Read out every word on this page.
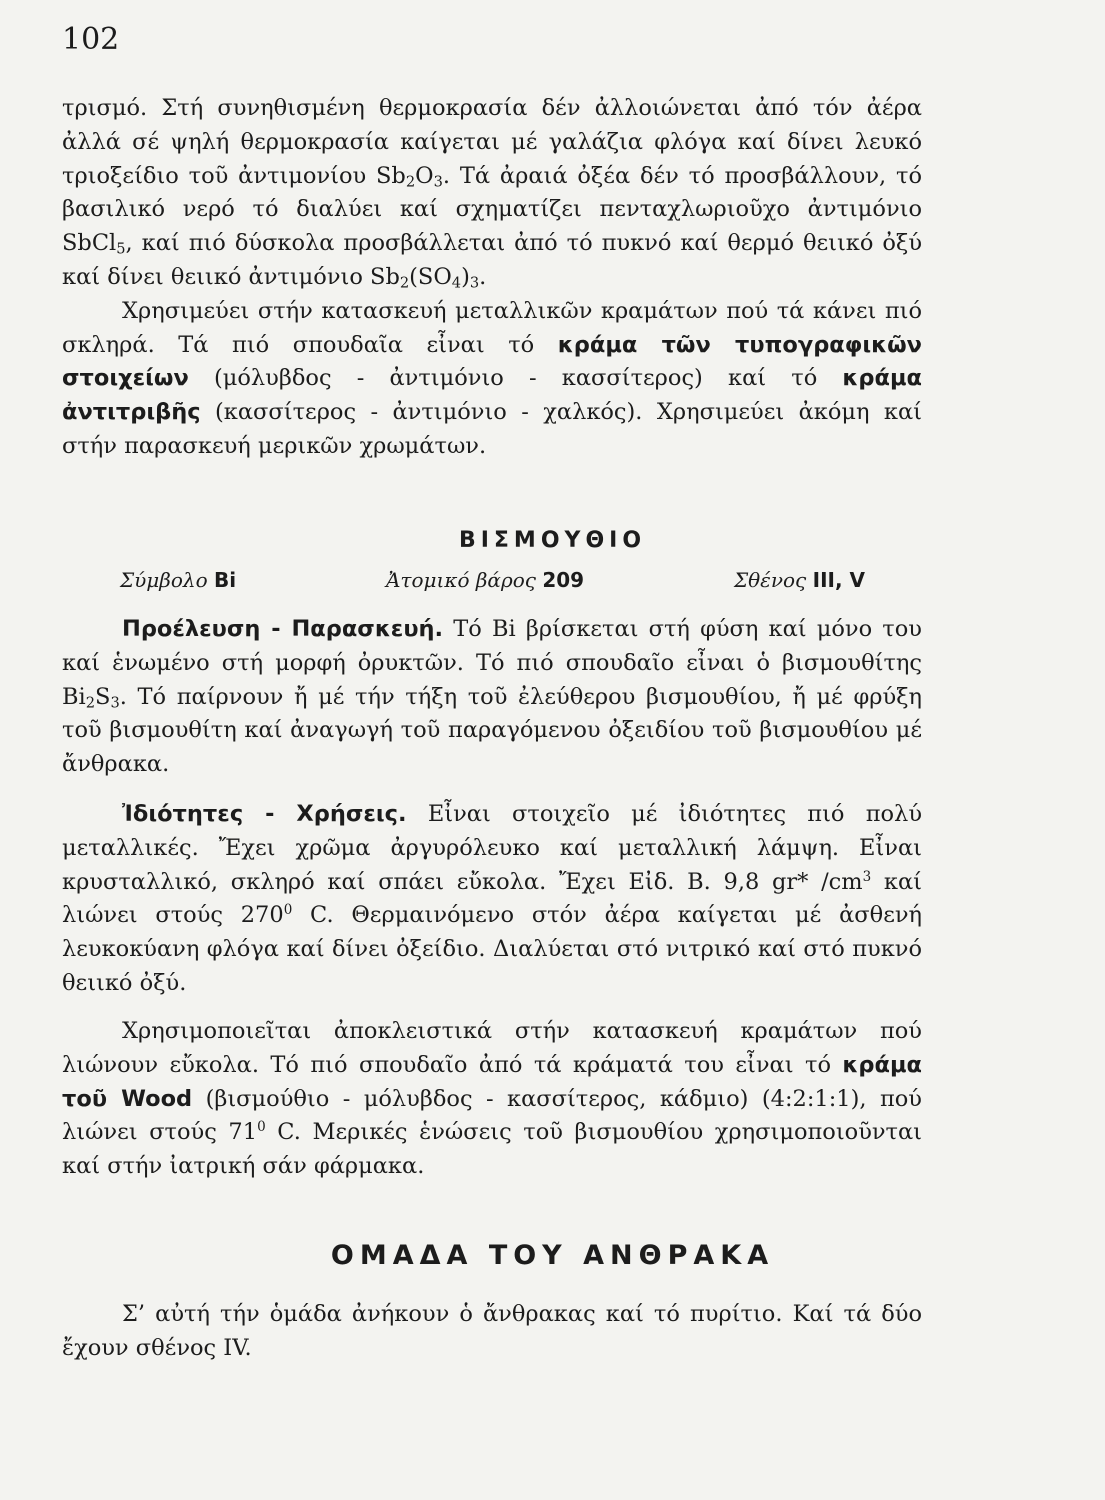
102

τρισμό. Στή συνηθισμένη θερμοκρασία δέν ἀλλοιώνεται ἀπό τόν ἀέρα ἀλλά σέ ψηλή θερμοκρασία καίγεται μέ γαλάζια φλόγα καί δίνει λευκό τριοξείδιο τοῦ ἀντιμονίου $Sb_2O_3$. Τά ἀραιά ὀξέα δέν τό προσβάλλουν, τό βασιλικό νερό τό διαλύει καί σχηματίζει πενταχλωριοῦχο ἀντιμόνιο SbCl$_5$, καί πιό δύσκολα προσβάλλεται ἀπό τό πυκνό καί θερμό θειικό ὀξύ καί δίνει θειικό ἀντιμόνιο $Sb_2(SO_4)_3$.

Χρησιμεύει στήν κατασκευή μεταλλικῶν κραμάτων πού τά κάνει πιό σκληρά. Τά πιό σπουδαῖα εἶναι τό κράμα τῶν τυπογραφικῶν στοιχείων (μόλυβδος - ἀντιμόνιο - κασσίτερος) καί τό κράμα ἀντιτριβῆς (κασσίτερος - ἀντιμόνιο - χαλκός). Χρησιμεύει ἀκόμη καί στήν παρασκευή μερικῶν χρωμάτων.

ΒΙΣΜΟΥΘΙΟ
Σύμβολο Bi	Ἀτομικό βάρος 209	Σθένος III, V
Προέλευση - Παρασκευή. Τό Bi βρίσκεται στή φύση καί μόνο του καί ἑνωμένο στή μορφή ὀρυκτῶν. Τό πιό σπουδαῖο εἶναι ὁ βισμουθίτης $Bi_2S_3$. Τό παίρνουν ἤ μέ τήν τήξη τοῦ ἐλεύθερου βισμουθίου, ἤ μέ φρύξη τοῦ βισμουθίτη καί ἀναγωγή τοῦ παραγόμενου ὀξειδίου τοῦ βισμουθίου μέ ἄνθρακα.
Ἰδιότητες - Χρήσεις. Εἶναι στοιχεῖο μέ ἰδιότητες πιό πολύ μεταλλικές. Ἔχει χρῶμα ἀργυρόλευκο καί μεταλλική λάμψη. Εἶναι κρυσταλλικό, σκληρό καί σπάει εὔκολα. Ἔχει Εἰδ. Β. 9,8 gr* $/cm^3$ καί λιώνει στούς $270^0$ C. Θερμαινόμενο στόν ἀέρα καίγεται μέ ἀσθενή λευκοκύανη φλόγα καί δίνει ὀξείδιο. Διαλύεται στό νιτρικό καί στό πυκνό θειικό ὀξύ.
Χρησιμοποιεῖται ἀποκλειστικά στήν κατασκευή κραμάτων πού λιώνουν εὔκολα. Τό πιό σπουδαῖο ἀπό τά κράματά του εἶναι τό κράμα τοῦ Wood (βισμούθιο - μόλυβδος - κασσίτερος, κάδμιο) (4:2:1:1), πού λιώνει στούς $71^0$ C. Μερικές ἑνώσεις τοῦ βισμουθίου χρησιμοποιοῦνται καί στήν ἰατρική σάν φάρμακα.
ΟΜΑΔΑ ΤΟΥ ΑΝΘΡΑΚΑ
Σ’ αὐτή τήν ὁμάδα ἀνήκουν ὁ ἄνθρακας καί τό πυρίτιο. Καί τά δύο ἔχουν σθένος IV.
